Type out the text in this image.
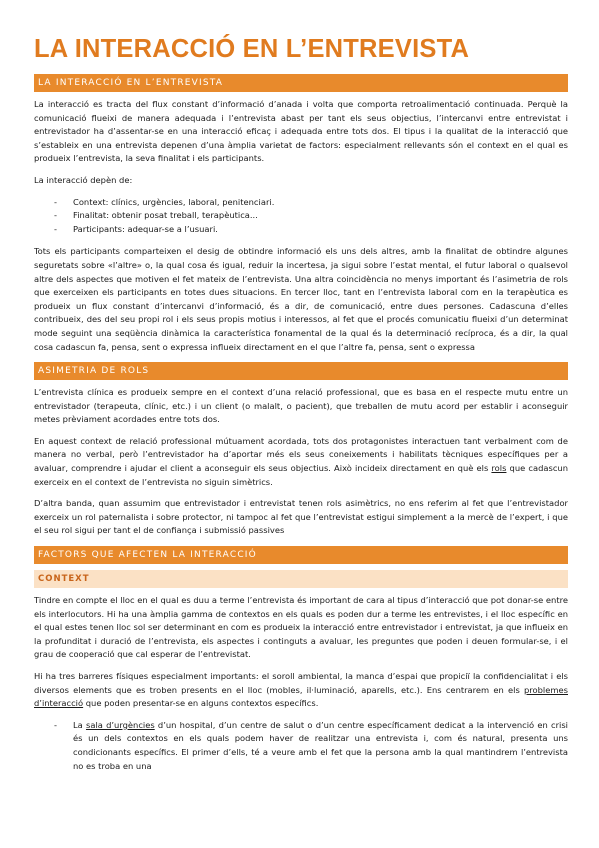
LA INTERACCIÓ EN L’ENTREVISTA
LA INTERACCIÓ EN L’ENTREVISTA

La interacció es tracta del flux constant d’informació d’anada i volta que comporta retroalimentació continuada. Perquè la comunicació flueixi de manera adequada i l’entrevista abast per tant els seus objectius, l’intercanvi entre entrevistat i entrevistador ha d’assentar-se en una interacció eficaç i adequada entre tots dos. El tipus i la qualitat de la interacció que s’estableix en una entrevista depenen d’una àmplia varietat de factors: especialment rellevants són el context en el qual es produeix l’entrevista, la seva finalitat i els participants.

La interacció depèn de:

- Context: clínics, urgències, laboral, penitenciari.
- Finalitat: obtenir posat treball, terapèutica...
- Participants: adequar-se a l’usuari.

Tots els participants comparteixen el desig de obtindre informació els uns dels altres, amb la finalitat de obtindre algunes seguretats sobre «l’altre» o, la qual cosa és igual, reduir la incertesa, ja sigui sobre l’estat mental, el futur laboral o qualsevol altre dels aspectes que motiven el fet mateix de l’entrevista. Una altra coincidència no menys important és l’asimetria de rols que exerceixen els participants en totes dues situacions. En tercer lloc, tant en l’entrevista laboral com en la terapèutica es produeix un flux constant d’intercanvi d’informació, és a dir, de comunicació, entre dues persones. Cadascuna d’elles contribueix, des del seu propi rol i els seus propis motius i interessos, al fet que el procés comunicatiu flueixi d’un determinat mode seguint una seqüència dinàmica la característica fonamental de la qual és la determinació recíproca, és a dir, la qual cosa cadascun fa, pensa, sent o expressa influeix directament en el que l’altre fa, pensa, sent o expressa

ASIMETRIA DE ROLS

L’entrevista clínica es produeix sempre en el context d’una relació professional, que es basa en el respecte mutu entre un entrevistador (terapeuta, clínic, etc.) i un client (o malalt, o pacient), que treballen de mutu acord per establir i aconseguir metes prèviament acordades entre tots dos.

En aquest context de relació professional mútuament acordada, tots dos protagonistes interactuen tant verbalment com de manera no verbal, però l’entrevistador ha d’aportar més els seus coneixements i habilitats tècniques específiques per a avaluar, comprendre i ajudar el client a aconseguir els seus objectius. Això incideix directament en què els rols que cadascun exerceix en el context de l’entrevista no siguin simètrics.

D’altra banda, quan assumim que entrevistador i entrevistat tenen rols asimètrics, no ens referim al fet que l’entrevistador exerceix un rol paternalista i sobre protector, ni tampoc al fet que l’entrevistat estigui simplement a la mercè de l’expert, i que el seu rol sigui per tant el de confiança i submissió passives

FACTORS QUE AFECTEN LA INTERACCIÓ
CONTEXT

Tindre en compte el lloc en el qual es duu a terme l’entrevista és important de cara al tipus d’interacció que pot donar-se entre els interlocutors. Hi ha una àmplia gamma de contextos en els quals es poden dur a terme les entrevistes, i el lloc específic en el qual estes tenen lloc sol ser determinant en com es produeix la interacció entre entrevistador i entrevistat, ja que influeix en la profunditat i duració de l’entrevista, els aspectes i continguts a avaluar, les preguntes que poden i deuen formular-se, i el grau de cooperació que cal esperar de l’entrevistat.

Hi ha tres barreres físiques especialment importants: el soroll ambiental, la manca d’espai que propiciï la confidencialitat i els diversos elements que es troben presents en el lloc (mobles, il·luminació, aparells, etc.). Ens centrarem en els problemes d’interacció que poden presentar-se en alguns contextos específics.

- La sala d’urgències d’un hospital, d’un centre de salut o d’un centre específicament dedicat a la intervenció en crisi és un dels contextos en els quals podem haver de realitzar una entrevista i, com és natural, presenta uns condicionants específics. El primer d’ells, té a veure amb el fet que la persona amb la qual mantindrem l’entrevista no es troba en una
